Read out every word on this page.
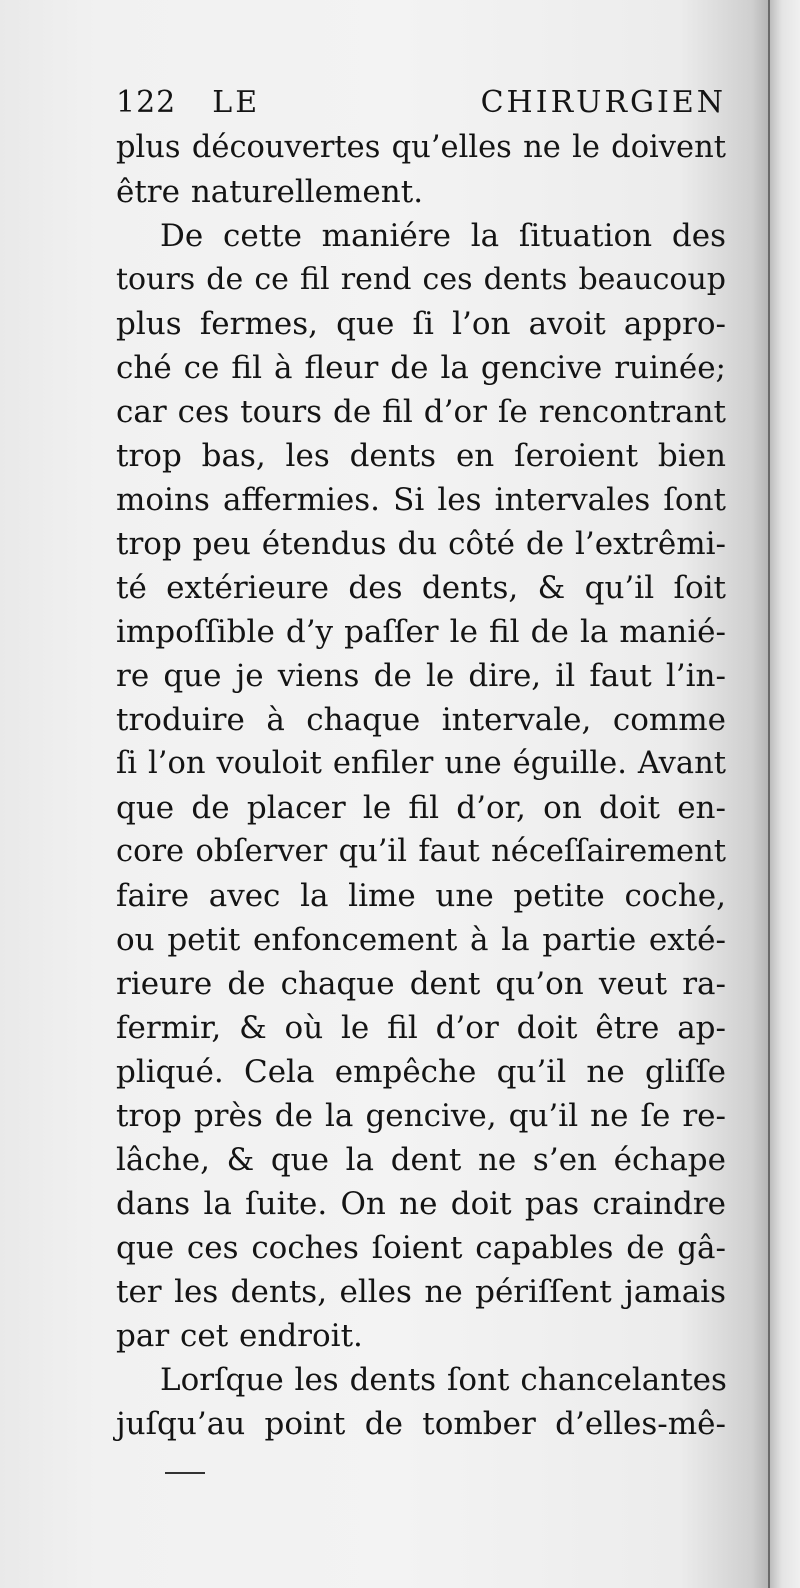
122 LE CHIRURGIEN
plus découvertes qu’elles ne le doivent
être naturellement.
De cette maniére la ſituation des
tours de ce fil rend ces dents beaucoup
plus fermes, que ſi l’on avoit appro-
ché ce fil à fleur de la gencive ruinée;
car ces tours de fil d’or ſe rencontrant
trop bas, les dents en ſeroient bien
moins affermies. Si les intervales ſont
trop peu étendus du côté de l’extrêmi-
té extérieure des dents, & qu’il ſoit
impoſſible d’y paſſer le fil de la manié-
re que je viens de le dire, il faut l’in-
troduire à chaque intervale, comme
ſi l’on vouloit enfiler une éguille. Avant
que de placer le fil d’or, on doit en-
core obſerver qu’il faut néceſſairement
faire avec la lime une petite coche,
ou petit enfoncement à la partie exté-
rieure de chaque dent qu’on veut ra-
fermir, & où le fil d’or doit être ap-
pliqué. Cela empêche qu’il ne gliſſe
trop près de la gencive, qu’il ne ſe re-
lâche, & que la dent ne s’en échape
dans la ſuite. On ne doit pas craindre
que ces coches ſoient capables de gâ-
ter les dents, elles ne périſſent jamais
par cet endroit.
Lorſque les dents ſont chancelantes
juſqu’au point de tomber d’elles-mê-
